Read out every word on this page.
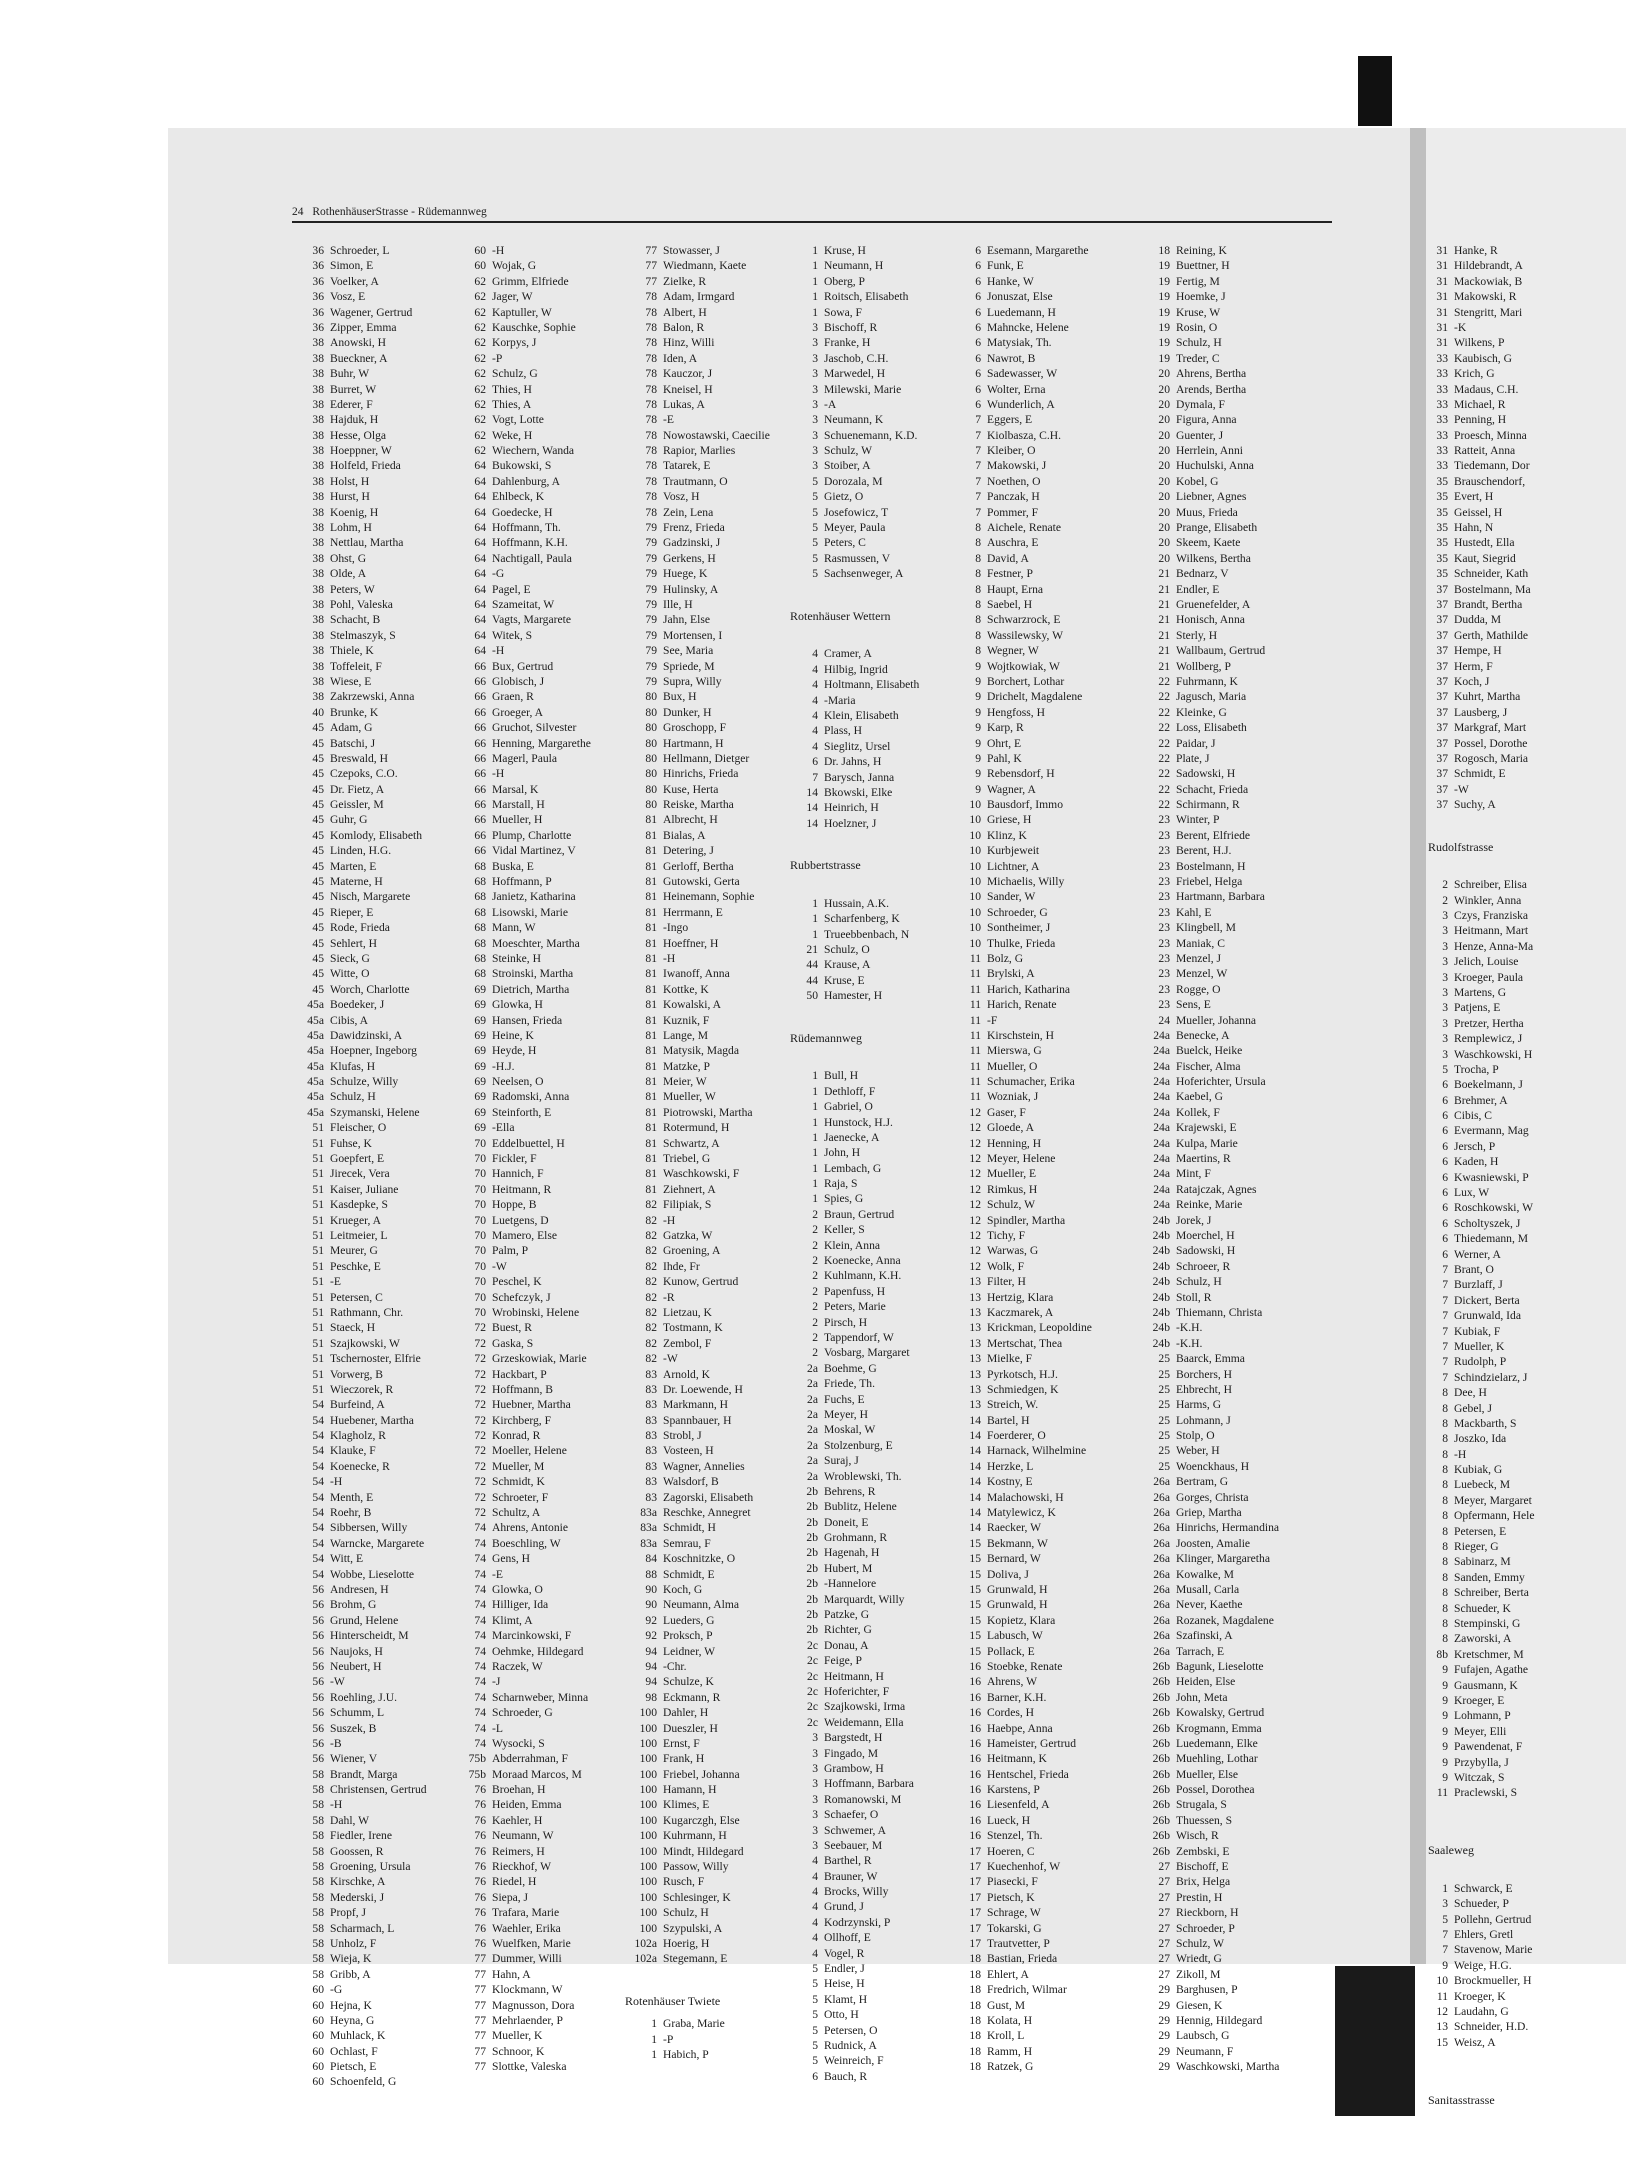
24 RothenhäuserStrasse - Rüdemannweg
36 Schroeder, L
36 Simon, E
36 Voelker, A
36 Vosz, E
36 Wagener, Gertrud
36 Zipper, Emma
38 Anowski, H
38 Bueckner, A
38 Buhr, W
38 Burret, W
38 Ederer, F
38 Hajduk, H
38 Hesse, Olga
38 Hoeppner, W
38 Holfeld, Frieda
38 Holst, H
38 Hurst, H
38 Koenig, H
38 Lohm, H
38 Nettlau, Martha
38 Ohst, G
38 Olde, A
38 Peters, W
38 Pohl, Valeska
38 Schacht, B
38 Stelmaszyk, S
38 Thiele, K
38 Toffeleit, F
38 Wiese, E
38 Zakrzewski, Anna
40 Brunke, K
45 Adam, G
45 Batschi, J
45 Breswald, H
45 Czepoks, C.O.
45 Dr. Fietz, A
45 Geissler, M
45 Guhr, G
45 Komlody, Elisabeth
45 Linden, H.G.
45 Marten, E
45 Materne, H
45 Nisch, Margarete
45 Rieper, E
45 Rode, Frieda
45 Sehlert, H
45 Sieck, G
45 Witte, O
45 Worch, Charlotte
45a Boedeker, J
45a Cibis, A
45a Dawidzinski, A
45a Hoepner, Ingeborg
45a Klufas, H
45a Schulze, Willy
45a Schulz, H
45a Szymanski, Helene
51 Fleischer, O
51 Fuhse, K
51 Goepfert, E
51 Jirecek, Vera
51 Kaiser, Juliane
51 Kasdepke, S
51 Krueger, A
51 Leitmeier, L
51 Meurer, G
51 Peschke, E
51 -E
51 Petersen, C
51 Rathmann, Chr.
51 Staeck, H
51 Szajkowski, W
51 Tschernoster, Elfrie
51 Vorwerg, B
51 Wieczorek, R
54 Burfeind, A
54 Huebener, Martha
54 Klagholz, R
54 Klauke, F
54 Koenecke, R
54 -H
54 Menth, E
54 Roehr, B
54 Sibbersen, Willy
54 Warncke, Margarete
54 Witt, E
54 Wobbe, Lieselotte
56 Andresen, H
56 Brohm, G
56 Grund, Helene
56 Hinterscheidt, M
56 Naujoks, H
56 Neubert, H
56 -W
56 Roehling, J.U.
56 Schumm, L
56 Suszek, B
56 -B
56 Wiener, V
58 Brandt, Marga
58 Christensen, Gertrud
58 -H
58 Dahl, W
58 Fiedler, Irene
58 Goossen, R
58 Groening, Ursula
58 Kirschke, A
58 Mederski, J
58 Propf, J
58 Scharmach, L
58 Unholz, F
58 Wieja, K
58 Gribb, A
60 -G
60 Hejna, K
60 Heyna, G
60 Muhlack, K
60 Ochlast, F
60 Pietsch, E
60 Schoenfeld, G
60 -H
60 Wojak, G
62 Grimm, Elfriede
62 Jager, W
62 Kaptuller, W
62 Kauschke, Sophie
62 Korpys, J
62 -P
62 Schulz, G
62 Thies, H
62 Thies, A
62 Vogt, Lotte
62 Weke, H
62 Wiechern, Wanda
64 Bukowski, S
64 Dahlenburg, A
64 Ehlbeck, K
64 Goedecke, H
64 Hoffmann, Th.
64 Hoffmann, K.H.
64 Nachtigall, Paula
64 -G
64 Pagel, E
64 Szameitat, W
64 Vagts, Margarete
64 Witek, S
64 -H
66 Bux, Gertrud
66 Globisch, J
66 Graen, R
66 Groeger, A
66 Gruchot, Silvester
66 Henning, Margarethe
66 Magerl, Paula
66 -H
66 Marsal, K
66 Marstall, H
66 Mueller, H
66 Plump, Charlotte
66 Vidal Martinez, V
68 Buska, E
68 Hoffmann, P
68 Janietz, Katharina
68 Lisowski, Marie
68 Mann, W
68 Moeschter, Martha
68 Steinke, H
68 Stroinski, Martha
69 Dietrich, Martha
69 Glowka, H
69 Hansen, Frieda
69 Heine, K
69 Heyde, H
69 -H.J.
69 Neelsen, O
69 Radomski, Anna
69 Steinforth, E
69 -Ella
70 Eddelbuettel, H
70 Fickler, F
70 Hannich, F
70 Heitmann, R
70 Hoppe, B
70 Luetgens, D
70 Mamero, Else
70 Palm, P
70 -W
70 Peschel, K
70 Schefczyk, J
70 Wrobinski, Helene
72 Buest, R
72 Gaska, S
72 Grzeskowiak, Marie
72 Hackbart, P
72 Hoffmann, B
72 Huebner, Martha
72 Kirchberg, F
72 Konrad, R
72 Moeller, Helene
72 Mueller, M
72 Schmidt, K
72 Schroeter, F
72 Schultz, A
74 Ahrens, Antonie
74 Boeschling, W
74 Gens, H
74 -E
74 Glowka, O
74 Hilliger, Ida
74 Klimt, A
74 Marcinkowski, F
74 Oehmke, Hildegard
74 Raczek, W
74 -J
74 Scharnweber, Minna
74 Schroeder, G
74 -L
74 Wysocki, S
75b Abderrahman, F
75b Moraad Marcos, M
76 Broehan, H
76 Heiden, Emma
76 Kaehler, H
76 Neumann, W
76 Reimers, H
76 Rieckhof, W
76 Riedel, H
76 Siepa, J
76 Trafara, Marie
76 Waehler, Erika
76 Wuelfken, Marie
77 Dummer, Willi
77 Hahn, A
77 Klockmann, W
77 Magnusson, Dora
77 Mehrlaender, P
77 Mueller, K
77 Schnoor, K
77 Slottke, Valeska
77 Stowasser, J
77 Wiedmann, Kaete
77 Zielke, R
78 Adam, Irmgard
78 Albert, H
78 Balon, R
78 Hinz, Willi
78 Iden, A
78 Kauczor, J
78 Kneisel, H
78 Lukas, A
78 -E
78 Nowostawski, Caecilie
78 Rapior, Marlies
78 Tatarek, E
78 Trautmann, O
78 Vosz, H
78 Zein, Lena
79 Frenz, Frieda
79 Gadzinski, J
79 Gerkens, H
79 Huege, K
79 Hulinsky, A
79 Ille, H
79 Jahn, Else
79 Mortensen, I
79 See, Maria
79 Spriede, M
79 Supra, Willy
80 Bux, H
80 Dunker, H
80 Groschopp, F
80 Hartmann, H
80 Hellmann, Dietger
80 Hinrichs, Frieda
80 Kuse, Herta
80 Reiske, Martha
81 Albrecht, H
81 Bialas, A
81 Detering, J
81 Gerloff, Bertha
81 Gutowski, Gerta
81 Heinemann, Sophie
81 Herrmann, E
81 -Ingo
81 Hoeffner, H
81 -H
81 Iwanoff, Anna
81 Kottke, K
81 Kowalski, A
81 Kuznik, F
81 Lange, M
81 Matysik, Magda
81 Matzke, P
81 Meier, W
81 Mueller, W
81 Piotrowski, Martha
81 Rotermund, H
81 Schwartz, A
81 Triebel, G
81 Waschkowski, F
81 Ziehnert, A
82 Filipiak, S
82 -H
82 Gatzka, W
82 Groening, A
82 Ihde, Fr
82 Kunow, Gertrud
82 -R
82 Lietzau, K
82 Tostmann, K
82 Zembol, F
82 -W
83 Arnold, K
83 Dr. Loewende, H
83 Markmann, H
83 Spannbauer, H
83 Strobl, J
83 Vosteen, H
83 Wagner, Annelies
83 Walsdorf, B
83 Zagorski, Elisabeth
83a Reschke, Annegret
83a Schmidt, H
83a Semrau, F
84 Koschnitzke, O
88 Schmidt, E
90 Koch, G
90 Neumann, Alma
92 Lueders, G
92 Proksch, P
94 Leidner, W
94 -Chr.
94 Schulze, K
98 Eckmann, R
100 Dahler, H
100 Dueszler, H
100 Ernst, F
100 Frank, H
100 Friebel, Johanna
100 Hamann, H
100 Klimes, E
100 Kugarczgh, Else
100 Kuhrmann, H
100 Mindt, Hildegard
100 Passow, Willy
100 Rusch, F
100 Schlesinger, K
100 Schulz, H
100 Szypulski, A
102a Hoerig, H
102a Stegemann, E
Rotenhäuser Twiete
1 Graba, Marie
1 -P
1 Habich, P
1 Kruse, H
1 Neumann, H
1 Oberg, P
1 Roitsch, Elisabeth
1 Sowa, F
3 Bischoff, R
3 Franke, H
3 Jaschob, C.H.
3 Marwedel, H
3 Milewski, Marie
3 -A
3 Neumann, K
3 Schuenemann, K.D.
3 Schulz, W
3 Stoiber, A
5 Dorozala, M
5 Gietz, O
5 Josefowicz, T
5 Meyer, Paula
5 Peters, C
5 Rasmussen, V
5 Sachsenweger, A
Rotenhäuser Wettern
4 Cramer, A
4 Hilbig, Ingrid
4 Holtmann, Elisabeth
4 -Maria
4 Klein, Elisabeth
4 Plass, H
4 Sieglitz, Ursel
6 Dr. Jahns, H
7 Barysch, Janna
14 Bkowski, Elke
14 Heinrich, H
14 Hoelzner, J
Rubbertstrasse
1 Hussain, A.K.
1 Scharfenberg, K
1 Trueebbenbach, N
21 Schulz, O
44 Krause, A
44 Kruse, E
50 Hamester, H
Rüdemannweg
1 Bull, H
1 Dethloff, F
1 Gabriel, O
1 Hunstock, H.J.
1 Jaenecke, A
1 John, H
1 Lembach, G
1 Raja, S
1 Spies, G
2 Braun, Gertrud
2 Keller, S
2 Klein, Anna
2 Koenecke, Anna
2 Kuhlmann, K.H.
2 Papenfuss, H
2 Peters, Marie
2 Pirsch, H
2 Tappendorf, W
2 Vosbarg, Margaret
2a Boehme, G
2a Friede, Th.
2a Fuchs, E
2a Meyer, H
2a Moskal, W
2a Stolzenburg, E
2a Suraj, J
2a Wroblewski, Th.
2b Behrens, R
2b Bublitz, Helene
2b Doneit, E
2b Grohmann, R
2b Hagenah, H
2b Hubert, M
2b -Hannelore
2b Marquardt, Willy
2b Patzke, G
2b Richter, G
2c Donau, A
2c Feige, P
2c Heitmann, H
2c Hoferichter, F
2c Szajkowski, Irma
2c Weidemann, Ella
3 Bargstedt, H
3 Fingado, M
3 Grambow, H
3 Hoffmann, Barbara
3 Romanowski, M
3 Schaefer, O
3 Schwemer, A
3 Seebauer, M
4 Barthel, R
4 Brauner, W
4 Brocks, Willy
4 Grund, J
4 Kodrzynski, P
4 Ollhoff, E
4 Vogel, R
5 Endler, J
5 Heise, H
5 Klamt, H
5 Otto, H
5 Petersen, O
5 Rudnick, A
5 Weinreich, F
6 Bauch, R
6 Esemann, Margarethe
6 Funk, E
6 Hanke, W
6 Jonuszat, Else
6 Luedemann, H
6 Mahncke, Helene
6 Matysiak, Th.
6 Nawrot, B
6 Sadewasser, W
6 Wolter, Erna
6 Wunderlich, A
7 Eggers, E
7 Kiolbasza, C.H.
7 Kleiber, O
7 Makowski, J
7 Noethen, O
7 Panczak, H
7 Pommer, F
8 Aichele, Renate
8 Auschra, E
8 David, A
8 Festner, P
8 Haupt, Erna
8 Saebel, H
8 Schwarzrock, E
8 Wassilewsky, W
8 Wegner, W
9 Wojtkowiak, W
9 Borchert, Lothar
9 Drichelt, Magdalene
9 Hengfoss, H
9 Karp, R
9 Ohrt, E
9 Pahl, K
9 Rebensdorf, H
9 Wagner, A
10 Bausdorf, Immo
10 Griese, H
10 Klinz, K
10 Kurbjeweit
10 Lichtner, A
10 Michaelis, Willy
10 Sander, W
10 Schroeder, G
10 Sontheimer, J
10 Thulke, Frieda
11 Bolz, G
11 Brylski, A
11 Harich, Katharina
11 Harich, Renate
11 -F
11 Kirschstein, H
11 Mierswa, G
11 Mueller, O
11 Schumacher, Erika
11 Wozniak, J
12 Gaser, F
12 Gloede, A
12 Henning, H
12 Meyer, Helene
12 Mueller, E
12 Rimkus, H
12 Schulz, W
12 Spindler, Martha
12 Tichy, F
12 Warwas, G
12 Wolk, F
13 Filter, H
13 Hertzig, Klara
13 Kaczmarek, A
13 Krickman, Leopoldine
13 Mertschat, Thea
13 Mielke, F
13 Pyrkotsch, H.J.
13 Schmiedgen, K
13 Streich, W.
14 Bartel, H
14 Foerderer, O
14 Harnack, Wilhelmine
14 Herzke, L
14 Kostny, E
14 Malachowski, H
14 Matylewicz, K
14 Raecker, W
15 Bekmann, W
15 Bernard, W
15 Doliva, J
15 Grunwald, H
15 Grunwald, H
15 Kopietz, Klara
15 Labusch, W
15 Pollack, E
16 Stoebke, Renate
16 Ahrens, W
16 Barner, K.H.
16 Cordes, H
16 Haebpe, Anna
16 Hameister, Gertrud
16 Heitmann, K
16 Hentschel, Frieda
16 Karstens, P
16 Liesenfeld, A
16 Lueck, H
16 Stenzel, Th.
17 Hoeren, C
17 Kuechenhof, W
17 Piasecki, F
17 Pietsch, K
17 Schrage, W
17 Tokarski, G
17 Trautvetter, P
18 Bastian, Frieda
18 Ehlert, A
18 Fredrich, Wilmar
18 Gust, M
18 Kolata, H
18 Kroll, L
18 Ramm, H
18 Ratzek, G
18 Reining, K
19 Buettner, H
19 Fertig, M
19 Hoemke, J
19 Kruse, W
19 Rosin, O
19 Schulz, H
19 Treder, C
20 Ahrens, Bertha
20 Arends, Bertha
20 Dymala, F
20 Figura, Anna
20 Guenter, J
20 Herrlein, Anni
20 Huchulski, Anna
20 Kobel, G
20 Liebner, Agnes
20 Muus, Frieda
20 Prange, Elisabeth
20 Skeem, Kaete
20 Wilkens, Bertha
21 Bednarz, V
21 Endler, E
21 Gruenefelder, A
21 Honisch, Anna
21 Sterly, H
21 Wallbaum, Gertrud
21 Wollberg, P
22 Fuhrmann, K
22 Jagusch, Maria
22 Kleinke, G
22 Loss, Elisabeth
22 Paidar, J
22 Plate, J
22 Sadowski, H
22 Schacht, Frieda
22 Schirmann, R
23 Winter, P
23 Berent, Elfriede
23 Berent, H.J.
23 Bostelmann, H
23 Friebel, Helga
23 Hartmann, Barbara
23 Kahl, E
23 Klingbell, M
23 Maniak, C
23 Menzel, J
23 Menzel, W
23 Rogge, O
23 Sens, E
24 Mueller, Johanna
24a Benecke, A
24a Buelck, Heike
24a Fischer, Alma
24a Hoferichter, Ursula
24a Kaebel, G
24a Kollek, F
24a Krajewski, E
24a Kulpa, Marie
24a Maertins, R
24a Mint, F
24a Ratajczak, Agnes
24a Reinke, Marie
24b Jorek, J
24b Moerchel, H
24b Sadowski, H
24b Schroeer, R
24b Schulz, H
24b Stoll, R
24b Thiemann, Christa
24b -K.H.
24b -K.H.
25 Baarck, Emma
25 Borchers, H
25 Ehbrecht, H
25 Harms, G
25 Lohmann, J
25 Stolp, O
25 Weber, H
25 Woenckhaus, H
26a Bertram, G
26a Gorges, Christa
26a Griep, Martha
26a Hinrichs, Hermandina
26a Joosten, Amalie
26a Klinger, Margaretha
26a Kowalke, M
26a Musall, Carla
26a Never, Kaethe
26a Rozanek, Magdalene
26a Szafinski, A
26a Tarrach, E
26b Bagunk, Lieselotte
26b Heiden, Else
26b John, Meta
26b Kowalsky, Gertrud
26b Krogmann, Emma
26b Luedemann, Elke
26b Muehling, Lothar
26b Mueller, Else
26b Possel, Dorothea
26b Strugala, S
26b Thuessen, S
26b Wisch, R
26b Zembski, E
27 Bischoff, E
27 Brix, Helga
27 Prestin, H
27 Rieckborn, H
27 Schroeder, P
27 Schulz, W
27 Wriedt, G
27 Zikoll, M
29 Barghusen, P
29 Giesen, K
29 Hennig, Hildegard
29 Laubsch, G
29 Neumann, F
29 Waschkowski, Martha
31 Hanke, R
31 Hildebrandt, A
31 Mackowiak, B
31 Makowski, R
31 Stengritt, Mari
31 -K
31 Wilkens, P
33 Kaubisch, G
33 Krich, G
33 Madaus, C.H.
33 Michael, R
33 Penning, H
33 Proesch, Minna
33 Ratteit, Anna
33 Tiedemann, Dor
35 Brauschendorf,
35 Evert, H
35 Geissel, H
35 Hahn, N
35 Hustedt, Ella
35 Kaut, Siegrid
35 Schneider, Kath
37 Bostelmann, Ma
37 Brandt, Bertha
37 Dudda, M
37 Gerth, Mathilde
37 Hempe, H
37 Herm, F
37 Koch, J
37 Kuhrt, Martha
37 Lausberg, J
37 Markgraf, Mart
37 Possel, Dorothe
37 Rogosch, Maria
37 Schmidt, E
37 -W
37 Suchy, A
Rudolfstrasse
2 Schreiber, Elisa
2 Winkler, Anna
3 Czys, Franziska
3 Heitmann, Mart
3 Henze, Anna-Ma
3 Jelich, Louise
3 Kroeger, Paula
3 Martens, G
3 Patjens, E
3 Pretzer, Hertha
3 Remplewicz, J
3 Waschkowski, H
5 Trocha, P
6 Boekelmann, J
6 Brehmer, A
6 Cibis, C
6 Evermann, Mag
6 Jersch, P
6 Kaden, H
6 Kwasniewski, P
6 Lux, W
6 Roschkowski, W
6 Scholtyszek, J
6 Thiedemann, M
6 Werner, A
7 Brant, O
7 Burzlaff, J
7 Dickert, Berta
7 Grunwald, Ida
7 Kubiak, F
7 Mueller, K
7 Rudolph, P
7 Schindzielarz, J
8 Dee, H
8 Gebel, J
8 Mackbarth, S
8 Joszko, Ida
8 -H
8 Kubiak, G
8 Luebeck, M
8 Meyer, Margaret
8 Opfermann, Hele
8 Petersen, E
8 Rieger, G
8 Sabinarz, M
8 Sanden, Emmy
8 Schreiber, Berta
8 Schueder, K
8 Stempinski, G
8 Zaworski, A
8b Kretschmer, M
9 Fufajen, Agathe
9 Gausmann, K
9 Kroeger, E
9 Lohmann, P
9 Meyer, Elli
9 Pawendenat, F
9 Przybylla, J
9 Witczak, S
11 Praclewski, S
Saaleweg
1 Schwarck, E
3 Schueder, P
5 Pollehn, Gertrud
7 Ehlers, Gretl
7 Stavenow, Marie
9 Weige, H.G.
10 Brockmueller, H
11 Kroeger, K
12 Laudahn, G
13 Schneider, H.D.
15 Weisz, A
Sanitasstrasse
